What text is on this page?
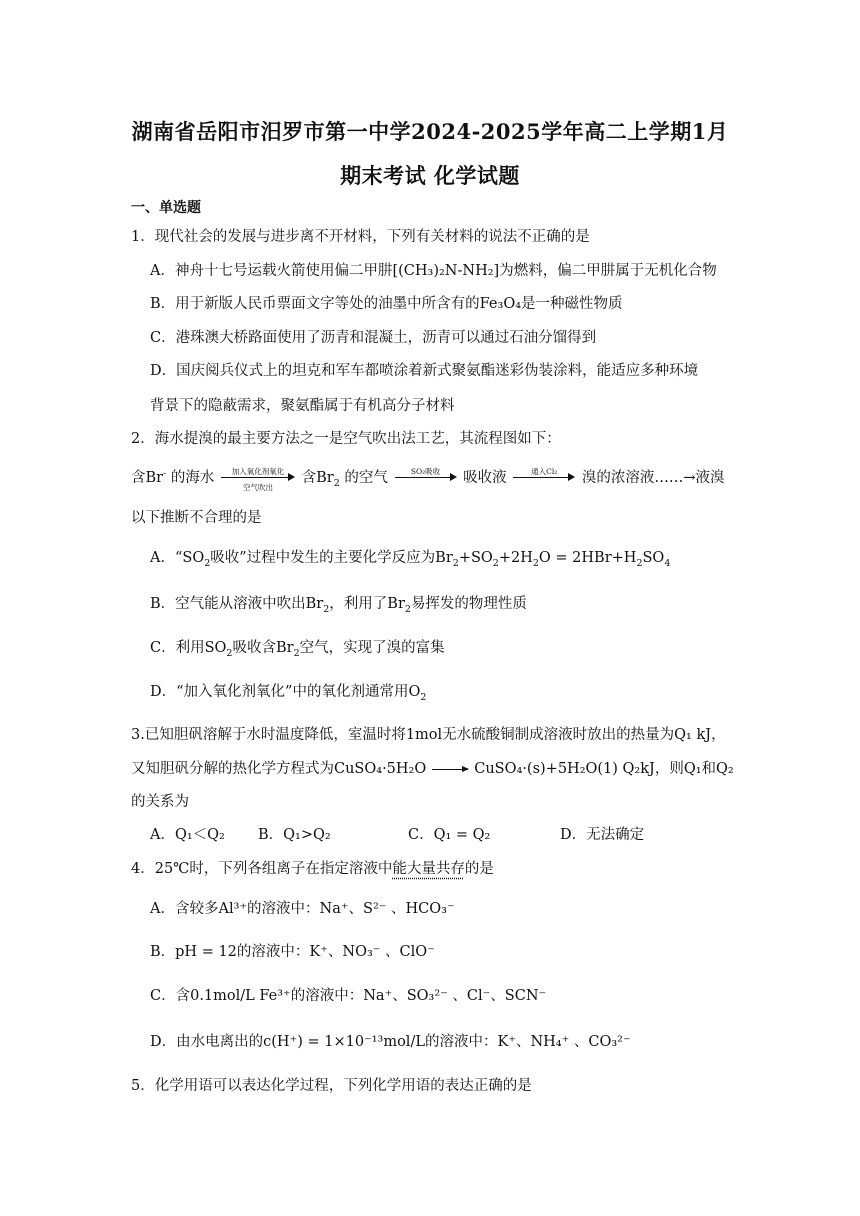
湖南省岳阳市汨罗市第一中学2024-2025学年高二上学期1月
期末考试 化学试题
一、单选题
1．现代社会的发展与进步离不开材料，下列有关材料的说法不正确的是
A．神舟十七号运载火箭使用偏二甲肼[(CH₃)₂N-NH₂]为燃料，偏二甲肼属于无机化合物
B．用于新版人民币票面文字等处的油墨中所含有的Fe₃O₄是一种磁性物质
C．港珠澳大桥路面使用了沥青和混凝土，沥青可以通过石油分馏得到
D．国庆阅兵仪式上的坦克和军车都喷涂着新式聚氨酯迷彩伪装涂料，能适应多种环境
背景下的隐蔽需求，聚氨酯属于有机高分子材料
2．海水提溴的最主要方法之一是空气吹出法工艺，其流程图如下：
含Br- 的海水	加入氧化剂氧化
空气吹出
含$Br_2$ 的空气	SO₂吸收	吸收液	通入Cl₂	溴的浓溶液……→液溴
以下推断不合理的是
A．“$SO_2$吸收”过程中发生的主要化学反应为$Br_2+SO_2+2H_2O = 2HBr+H_2SO_4$
B．空气能从溶液中吹出$Br_2$，利用了$Br_2$易挥发的物理性质
C．利用$SO_2$吸收含$Br_2$空气，实现了溴的富集
D．“加入氧化剂氧化”中的氧化剂通常用$O_2$
3.已知胆矾溶解于水时温度降低，室温时将1mol无水硫酸铜制成溶液时放出的热量为Q₁ kJ，
又知胆矾分解的热化学方程式为CuSO₄·5H₂O → CuSO₄·(s)+5H₂O(1) Q₂kJ，则Q₁和Q₂
的关系为
A．Q₁＜Q₂ B．Q₁>Q₂	C．Q₁ = Q₂	D．无法确定
4．25℃时，下列各组离子在指定溶液中能大量共存的是
A．含较多Al³⁺的溶液中：Na⁺、S²⁻ 、HCO₃⁻
B．pH = 12的溶液中：K⁺、NO₃⁻ 、ClO⁻
C．含0.1mol/L Fe³⁺的溶液中：Na⁺、SO₃²⁻ 、Cl⁻、SCN⁻
D．由水电离出的c(H⁺) = 1×10⁻¹³mol/L的溶液中：K⁺、NH₄⁺ 、CO₃²⁻
5．化学用语可以表达化学过程，下列化学用语的表达正确的是
